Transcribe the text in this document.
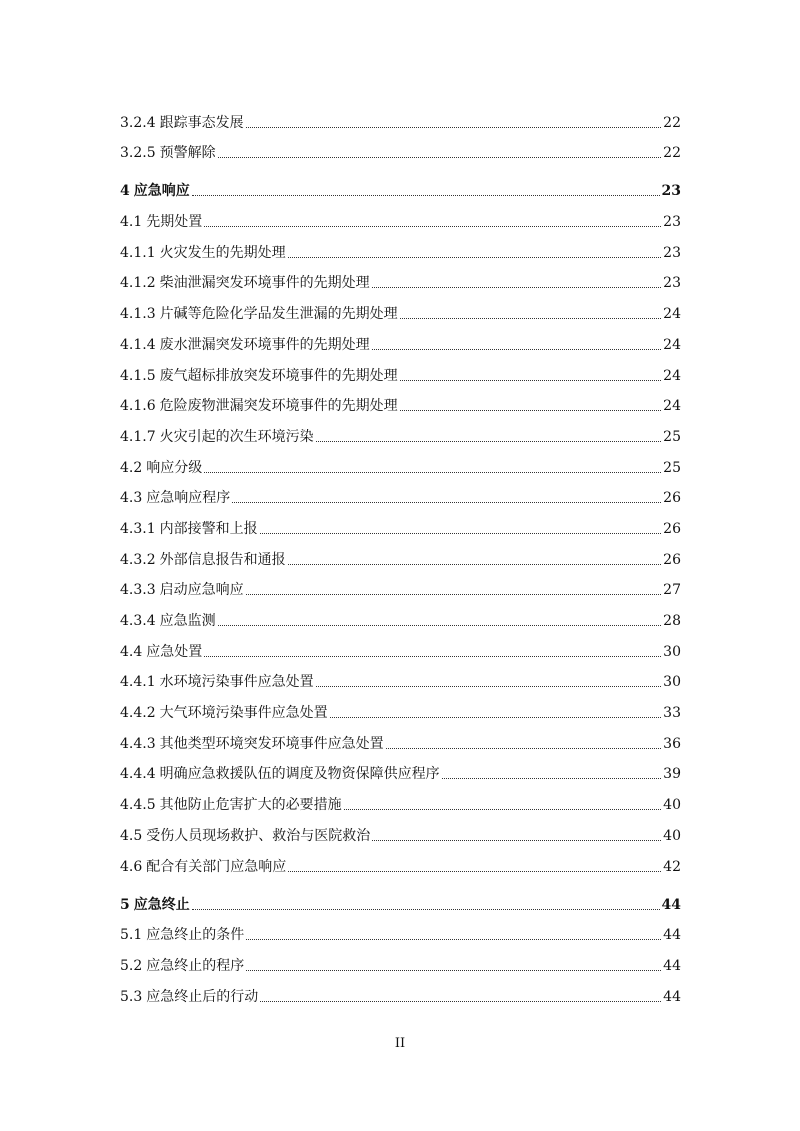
3.2.4 跟踪事态发展	22
3.2.5 预警解除	22
4 应急响应	23
4.1 先期处置	23
4.1.1 火灾发生的先期处理	23
4.1.2 柴油泄漏突发环境事件的先期处理	23
4.1.3 片碱等危险化学品发生泄漏的先期处理	24
4.1.4 废水泄漏突发环境事件的先期处理	24
4.1.5 废气超标排放突发环境事件的先期处理	24
4.1.6 危险废物泄漏突发环境事件的先期处理	24
4.1.7 火灾引起的次生环境污染	25
4.2 响应分级	25
4.3 应急响应程序	26
4.3.1 内部接警和上报	26
4.3.2 外部信息报告和通报	26
4.3.3 启动应急响应	27
4.3.4 应急监测	28
4.4 应急处置	30
4.4.1 水环境污染事件应急处置	30
4.4.2 大气环境污染事件应急处置	33
4.4.3 其他类型环境突发环境事件应急处置	36
4.4.4 明确应急救援队伍的调度及物资保障供应程序	39
4.4.5 其他防止危害扩大的必要措施	40
4.5 受伤人员现场救护、救治与医院救治	40
4.6 配合有关部门应急响应	42
5 应急终止	44
5.1 应急终止的条件	44
5.2 应急终止的程序	44
5.3 应急终止后的行动	44
II
